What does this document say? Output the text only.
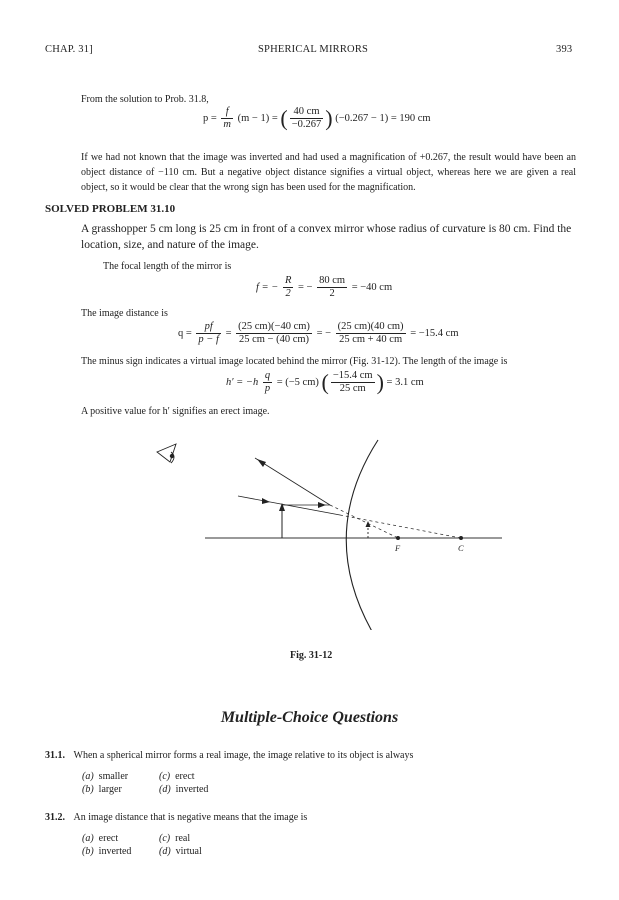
CHAP. 31]	SPHERICAL MIRRORS	393
From the solution to Prob. 31.8,
$p = \frac{f}{m} (m - 1)$ = ( $\frac{40 cm}{-0.267}$ ) (−0.267 − 1) = 190 cm
If we had not known that the image was inverted and had used a magnification of +0.267, the result would have been an object distance of −110 cm. But a negative object distance signifies a virtual object, whereas here we are given a real object, so it would be clear that the wrong sign has been used for the magnification.
SOLVED PROBLEM 31.10
A grasshopper 5 cm long is 25 cm in front of a convex mirror whose radius of curvature is 80 cm. Find the location, size, and nature of the image.
The focal length of the mirror is
f = − $\frac{R}{2}$ = − $\frac{80 cm}{2} = -40$ cm
The image distance is
$q = \frac{pf}{p - f} = \frac{(25 cm)(-40 cm)}{25 cm - (40 cm)}$ = − $\frac{(25 cm)(40 cm)}{25 cm + 40 cm} = -15.4$ cm
The minus sign indicates a virtual image located behind the mirror (Fig. 31-12). The length of the image is
$h' = -h \frac{q}{p} = (-5$ cm) ( $\frac{-15.4 cm}{25 cm}$ ) = 3.1 cm
A positive value for h′ signifies an erect image.
F	C
Fig. 31-12
Multiple-Choice Questions
31.1. When a spherical mirror forms a real image, the image relative to its object is always
(a) smaller
(b) larger
(c) erect
(d) inverted
31.2. An image distance that is negative means that the image is
(a) erect
(b) inverted
(c) real
(d) virtual
